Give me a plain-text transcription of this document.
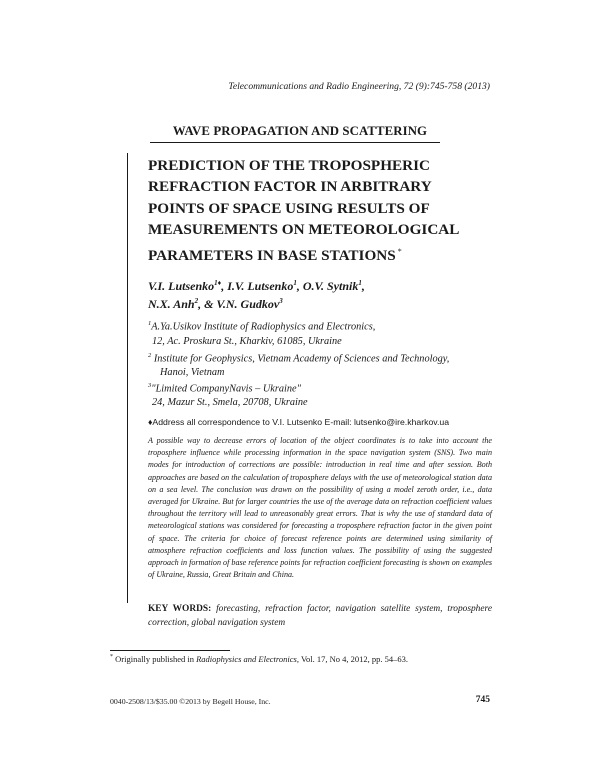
Telecommunications and Radio Engineering, 72 (9):745-758 (2013)
WAVE PROPAGATION AND SCATTERING
PREDICTION OF THE TROPOSPHERIC
REFRACTION FACTOR IN ARBITRARY
POINTS OF SPACE USING RESULTS OF
MEASUREMENTS ON METEOROLOGICAL
PARAMETERS IN BASE STATIONS *
V.I. Lutsenko$^{1♦}$, I.V. Lutsenko$^1$, O.V. Sytnik$^1$,
N.X. Anh$^2$, & V.N. Gudkov$^3$
$^1$A.Ya.Usikov Institute of Radiophysics and Electronics,
12, Ac. Proskura St., Kharkiv, 61085, Ukraine
$^2$ Institute for Geophysics, Vietnam Academy of Sciences and Technology,
Hanoi, Vietnam
$^3$"Limited CompanyNavis – Ukraine"
24, Mazur St., Smela, 20708, Ukraine
♦Address all correspondence to V.I. Lutsenko E-mail: lutsenko@ire.kharkov.ua
A possible way to decrease errors of location of the object coordinates is to take into account the troposphere influence while processing information in the space navigation system (SNS). Two main modes for introduction of corrections are possible: introduction in real time and after session. Both approaches are based on the calculation of troposphere delays with the use of meteorological station data on a sea level. The conclusion was drawn on the possibility of using a model zeroth order, i.e., data averaged for Ukraine. But for larger countries the use of the average data on refraction coefficient values throughout the territory will lead to unreasonably great errors. That is why the use of standard data of meteorological stations was considered for forecasting a troposphere refraction factor in the given point of space. The criteria for choice of forecast reference points are determined using similarity of atmosphere refraction coefficients and loss function values. The possibility of using the suggested approach in formation of base reference points for refraction coefficient forecasting is shown on examples of Ukraine, Russia, Great Britain and China.
KEY WORDS: forecasting, refraction factor, navigation satellite system, troposphere correction, global navigation system
* Originally published in Radiophysics and Electronics, Vol. 17, No 4, 2012, pp. 54–63.
0040-2508/13/$35.00 ©2013 by Begell House, Inc.	745
